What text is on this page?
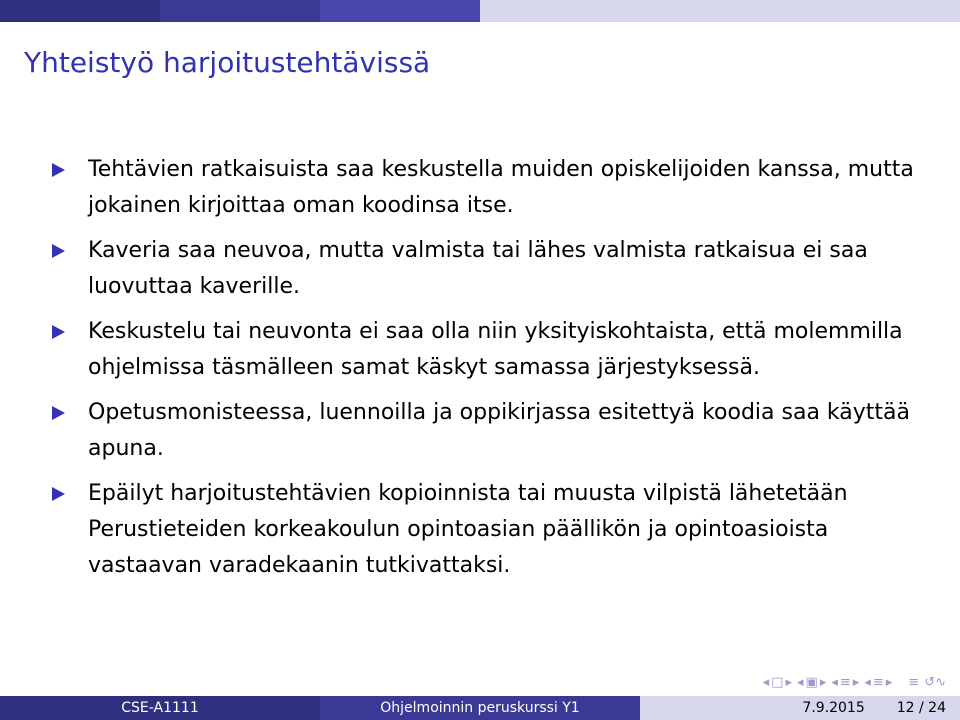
Yhteistyö harjoitustehtävissä
Tehtävien ratkaisuista saa keskustella muiden opiskelijoiden kanssa, mutta jokainen kirjoittaa oman koodinsa itse.
Kaveria saa neuvoa, mutta valmista tai lähes valmista ratkaisua ei saa luovuttaa kaverille.
Keskustelu tai neuvonta ei saa olla niin yksityiskohtaista, että molemmilla ohjelmissa täsmälleen samat käskyt samassa järjestyksessä.
Opetusmonisteessa, luennoilla ja oppikirjassa esitettyä koodia saa käyttää apuna.
Epäilyt harjoitustehtävien kopioinnista tai muusta vilpistä lähetetään Perustieteiden korkeakoulun opintoasian päällikön ja opintoasioista vastaavan varadekaanin tutkivattaksi.
◂ □ ▸ ◂ ▣ ▸ ◂ ≡ ▸ ◂ ≡ ▸ ≡ ↺∿
CSE-A1111	Ohjelmoinnin peruskurssi Y1	7.9.2015 12 / 24
